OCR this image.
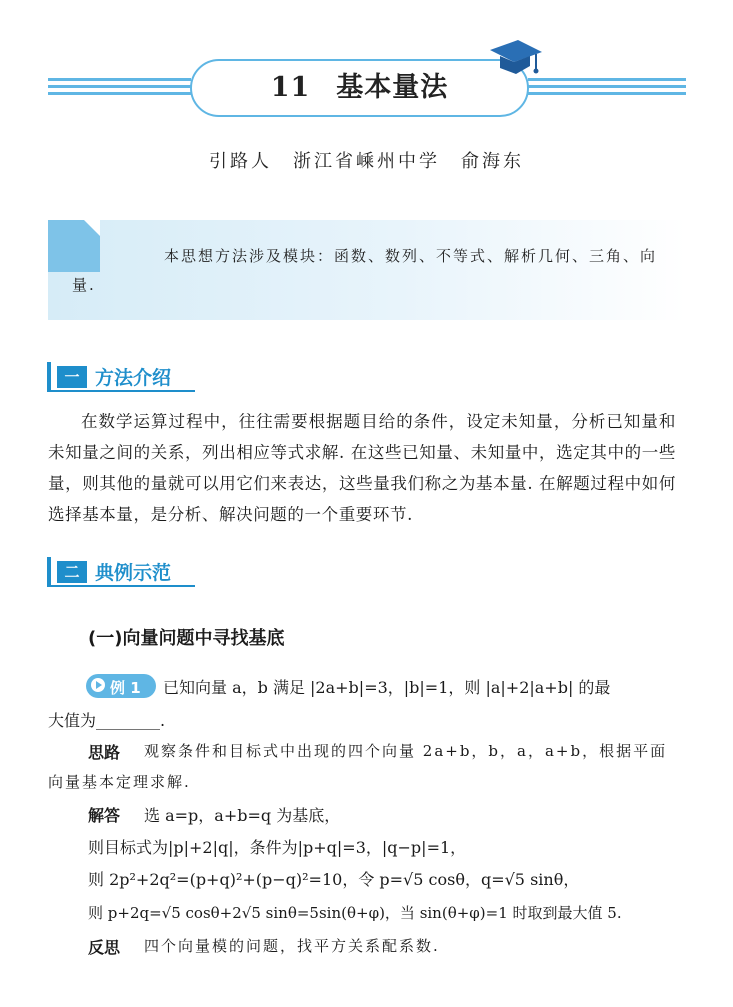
11 基本量法
引路人　浙江省嵊州中学　俞海东
本思想方法涉及模块：函数、数列、不等式、解析几何、三角、向量.
一 方法介绍
在数学运算过程中，往往需要根据题目给的条件，设定未知量，分析已知量和未知量之间的关系，列出相应等式求解. 在这些已知量、未知量中，选定其中的一些量，则其他的量就可以用它们来表达，这些量我们称之为基本量. 在解题过程中如何选择基本量，是分析、解决问题的一个重要环节.
二 典例示范
(一)向量问题中寻找基底
例 1 已知向量 a，b 满足 |2a+b|=3，|b|=1，则 |a|+2|a+b| 的最
大值为________.
思路 观察条件和目标式中出现的四个向量 2a+b，b，a，a+b，根据平面
向量基本定理求解.
解答 选 a=p，a+b=q 为基底，
则目标式为|p|+2|q|，条件为|p+q|=3，|q−p|=1，
则 2p²+2q²=(p+q)²+(p−q)²=10，令 p=√5 cosθ，q=√5 sinθ，
则 p+2q=√5 cosθ+2√5 sinθ=5sin(θ+φ)，当 sin(θ+φ)=1 时取到最大值 5.
反思 四个向量模的问题，找平方关系配系数.
